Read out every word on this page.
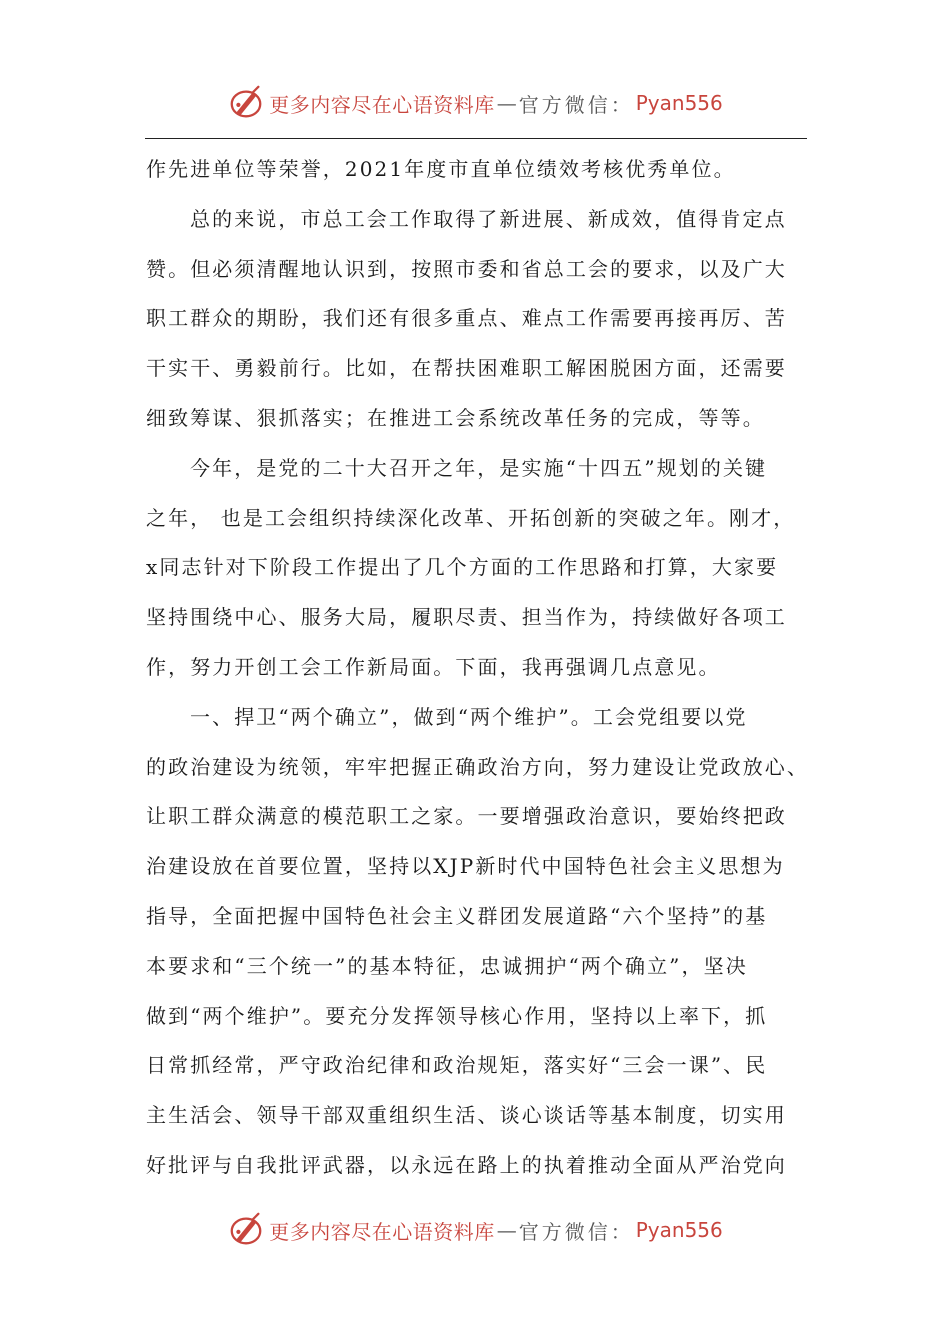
更多内容尽在心语资料库 — 官方微信： Pyan556
作先进单位等荣誉，2021年度市直单位绩效考核优秀单位。
总的来说，市总工会工作取得了新进展、新成效，值得肯定点
赞。但必须清醒地认识到，按照市委和省总工会的要求，以及广大
职工群众的期盼，我们还有很多重点、难点工作需要再接再厉、苦
干实干、勇毅前行。比如，在帮扶困难职工解困脱困方面，还需要
细致筹谋、狠抓落实；在推进工会系统改革任务的完成，等等。
今年，是党的二十大召开之年，是实施“十四五”规划的关键
之年， 也是工会组织持续深化改革、开拓创新的突破之年。刚才，
x同志针对下阶段工作提出了几个方面的工作思路和打算，大家要
坚持围绕中心、服务大局，履职尽责、担当作为，持续做好各项工
作，努力开创工会工作新局面。下面，我再强调几点意见。
一、捍卫“两个确立”，做到“两个维护”。工会党组要以党
的政治建设为统领，牢牢把握正确政治方向，努力建设让党政放心、
让职工群众满意的模范职工之家。一要增强政治意识，要始终把政
治建设放在首要位置，坚持以XJP新时代中国特色社会主义思想为
指导，全面把握中国特色社会主义群团发展道路“六个坚持”的基
本要求和“三个统一”的基本特征，忠诚拥护“两个确立”，坚决
做到“两个维护”。要充分发挥领导核心作用，坚持以上率下，抓
日常抓经常，严守政治纪律和政治规矩，落实好“三会一课”、民
主生活会、领导干部双重组织生活、谈心谈话等基本制度，切实用
好批评与自我批评武器，以永远在路上的执着推动全面从严治党向
更多内容尽在心语资料库 — 官方微信： Pyan556
